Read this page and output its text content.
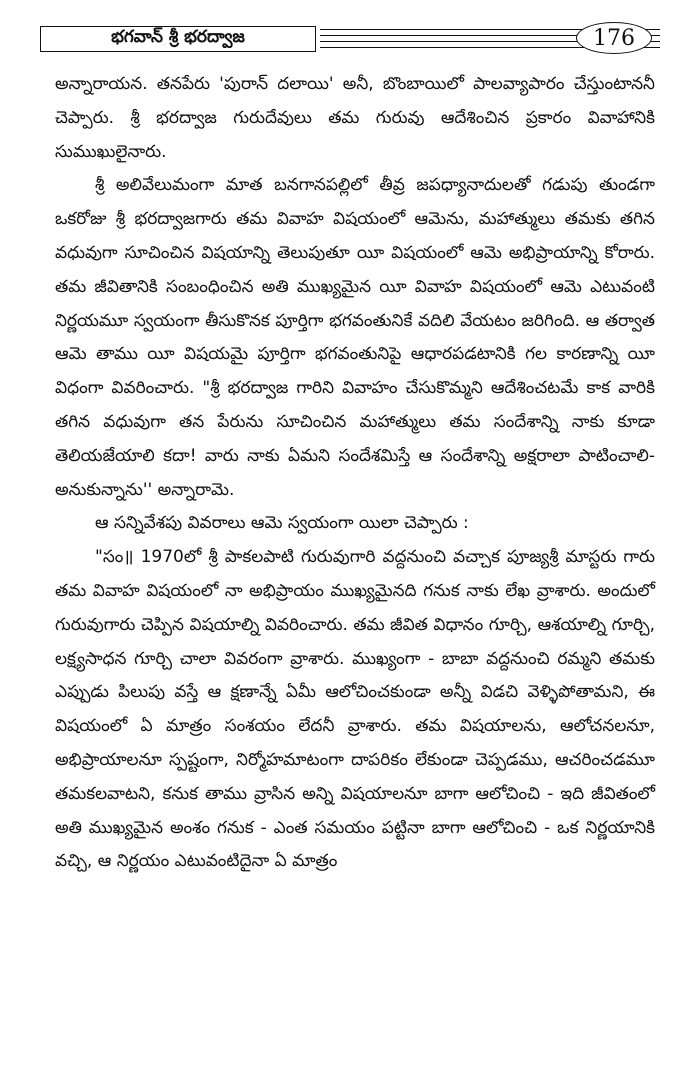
భగవాన్ శ్రీ భరద్వాజ	176

అన్నారాయన. తనపేరు 'పురాన్ దలాయి' అనీ, బొంబాయిలో పాలవ్యాపారం చేస్తుంటాననీ చెప్పారు. శ్రీ భరద్వాజ గురుదేవులు తమ గురువు ఆదేశించిన ప్రకారం వివాహానికి సుముఖులైనారు.

శ్రీ అలివేలుమంగా మాత బనగానపల్లిలో తీవ్ర జపధ్యానాదులతో గడుపు తుండగా ఒకరోజు శ్రీ భరద్వాజగారు తమ వివాహ విషయంలో ఆమెను, మహాత్ములు తమకు తగిన వధువుగా సూచించిన విషయాన్ని తెలుపుతూ యీ విషయంలో ఆమె అభిప్రాయాన్ని కోరారు. తమ జీవితానికి సంబంధించిన అతి ముఖ్యమైన యీ వివాహ విషయంలో ఆమె ఎటువంటి నిర్ణయమూ స్వయంగా తీసుకొనక పూర్తిగా భగవంతునికే వదిలి వేయటం జరిగింది. ఆ తర్వాత ఆమె తాము యీ విషయమై పూర్తిగా భగవంతునిపై ఆధారపడటానికి గల కారణాన్ని యీ విధంగా వివరించారు. "శ్రీ భరద్వాజ గారిని వివాహం చేసుకొమ్మని ఆదేశించటమే కాక వారికి తగిన వధువుగా తన పేరును సూచించిన మహాత్ములు తమ సందేశాన్ని నాకు కూడా తెలియజేయాలి కదా! వారు నాకు ఏమని సందేశమిస్తే ఆ సందేశాన్ని అక్షరాలా పాటించాలి- అనుకున్నాను'' అన్నారామె.

ఆ సన్నివేశపు వివరాలు ఆమె స్వయంగా యిలా చెప్పారు :

"సం॥ 1970లో శ్రీ పాకలపాటి గురువుగారి వద్దనుంచి వచ్చాక పూజ్యశ్రీ మాస్టరు గారు తమ వివాహ విషయంలో నా అభిప్రాయం ముఖ్యమైనది గనుక నాకు లేఖ వ్రాశారు. అందులో గురువుగారు చెప్పిన విషయాల్ని వివరించారు. తమ జీవిత విధానం గూర్చి, ఆశయాల్ని గూర్చి, లక్ష్యసాధన గూర్చి చాలా వివరంగా వ్రాశారు. ముఖ్యంగా - బాబా వద్దనుంచి రమ్మని తమకు ఎప్పుడు పిలుపు వస్తే ఆ క్షణాన్నే ఏమీ ఆలోచించకుండా అన్నీ విడచి వెళ్ళిపోతామని, ఈ విషయంలో ఏ మాత్రం సంశయం లేదనీ వ్రాశారు. తమ విషయాలను, ఆలోచనలనూ, అభిప్రాయాలనూ స్పష్టంగా, నిర్మోహమాటంగా దాపరికం లేకుండా చెప్పడము, ఆచరించడమూ తమకలవాటని, కనుక తాము వ్రాసిన అన్ని విషయాలనూ బాగా ఆలోచించి - ఇది జీవితంలో అతి ముఖ్యమైన అంశం గనుక - ఎంత సమయం పట్టినా బాగా ఆలోచించి - ఒక నిర్ణయానికి వచ్చి, ఆ నిర్ణయం ఎటువంటిదైనా ఏ మాత్రం
